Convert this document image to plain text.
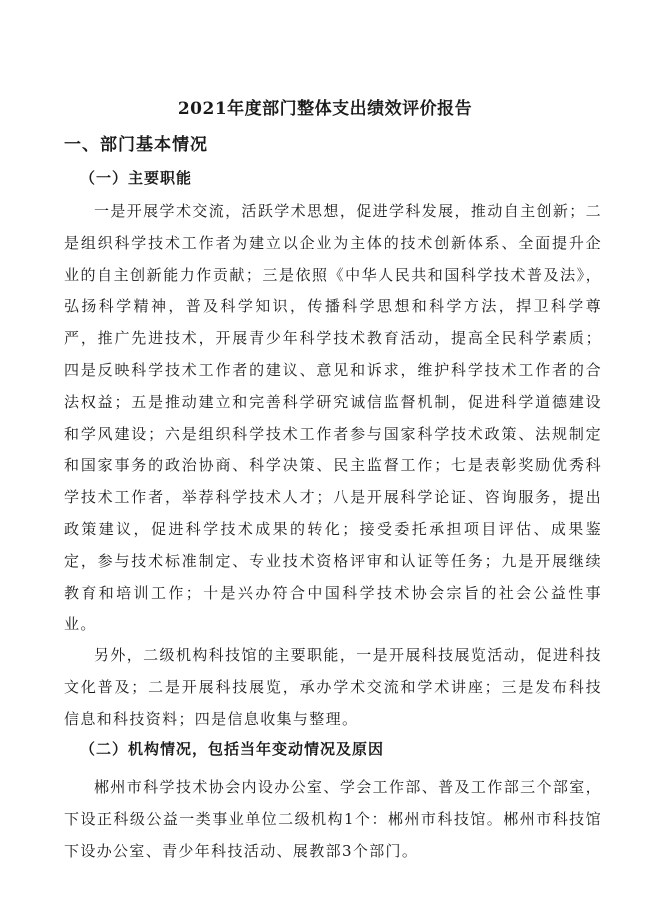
2021年度部门整体支出绩效评价报告
一、部门基本情况
（一）主要职能

一是开展学术交流，活跃学术思想，促进学科发展，推动自主创新；二是组织科学技术工作者为建立以企业为主体的技术创新体系、全面提升企业的自主创新能力作贡献；三是依照《中华人民共和国科学技术普及法》，弘扬科学精神，普及科学知识，传播科学思想和科学方法，捍卫科学尊严，推广先进技术，开展青少年科学技术教育活动，提高全民科学素质；四是反映科学技术工作者的建议、意见和诉求，维护科学技术工作者的合法权益；五是推动建立和完善科学研究诚信监督机制，促进科学道德建设和学风建设；六是组织科学技术工作者参与国家科学技术政策、法规制定和国家事务的政治协商、科学决策、民主监督工作；七是表彰奖励优秀科学技术工作者，举荐科学技术人才；八是开展科学论证、咨询服务，提出政策建议，促进科学技术成果的转化；接受委托承担项目评估、成果鉴定，参与技术标准制定、专业技术资格评审和认证等任务；九是开展继续教育和培训工作；十是兴办符合中国科学技术协会宗旨的社会公益性事业。

另外，二级机构科技馆的主要职能，一是开展科技展览活动，促进科技文化普及；二是开展科技展览，承办学术交流和学术讲座；三是发布科技信息和科技资料；四是信息收集与整理。

（二）机构情况，包括当年变动情况及原因

郴州市科学技术协会内设办公室、学会工作部、普及工作部三个部室，下设正科级公益一类事业单位二级机构1个：郴州市科技馆。郴州市科技馆下设办公室、青少年科技活动、展教部3个部门。
